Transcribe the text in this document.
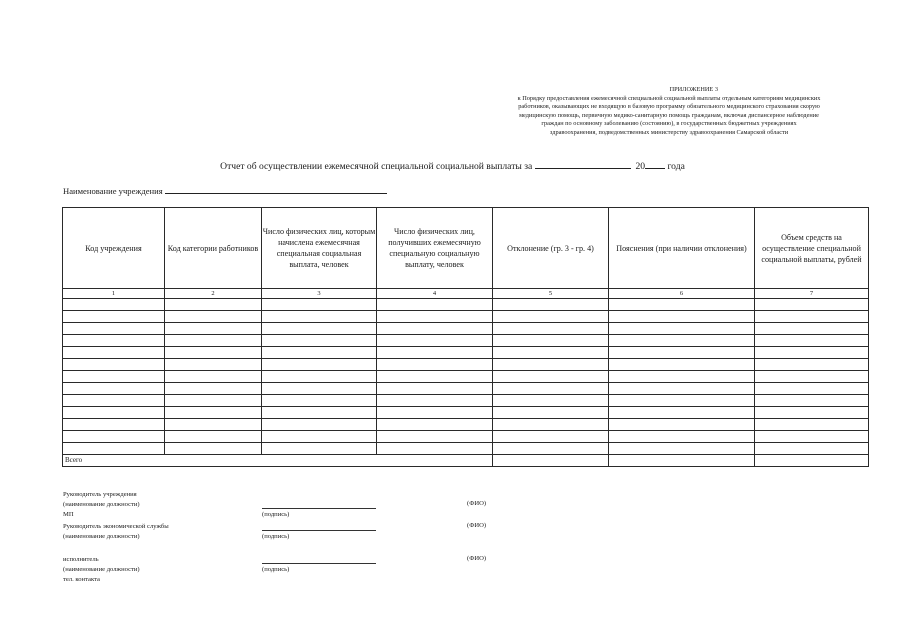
ПРИЛОЖЕНИЕ 3
к Порядку предоставления ежемесячной специальной социальной выплаты отдельным категориям медицинских
работников, оказывающих не входящую в базовую программу обязательного медицинского страхования скорую
медицинскую помощь, первичную медико-санитарную помощь гражданам, включая диспансерное наблюдение
граждан по основному заболеванию (состоянию), в государственных бюджетных учреждениях
здравоохранения, подведомственных министерству здравоохранения Самарской области
Отчет об осуществлении ежемесячной специальной социальной выплаты за	20 года
Наименование учреждения
Код учреждения	Код категории работников	Число физических лиц, которым начислена ежемесячная специальная социальная выплата, человек	Число физических лиц, получивших ежемесячную специальную социальную выплату, человек	Отклонение (гр. 3 - гр. 4)	Пояснения (при наличии отклонения)	Объем средств на осуществление специальной социальной выплаты, рублей
1	2	3	4	5	6	7

Всего						
Руководитель учреждения
(наименование должности)
МП	(подпись)
(ФИО)
Руководитель экономической службы
(наименование должности)	(подпись)
(ФИО)
исполнитель
(наименование должности)
тел. контакта
(подпись)
(ФИО)
